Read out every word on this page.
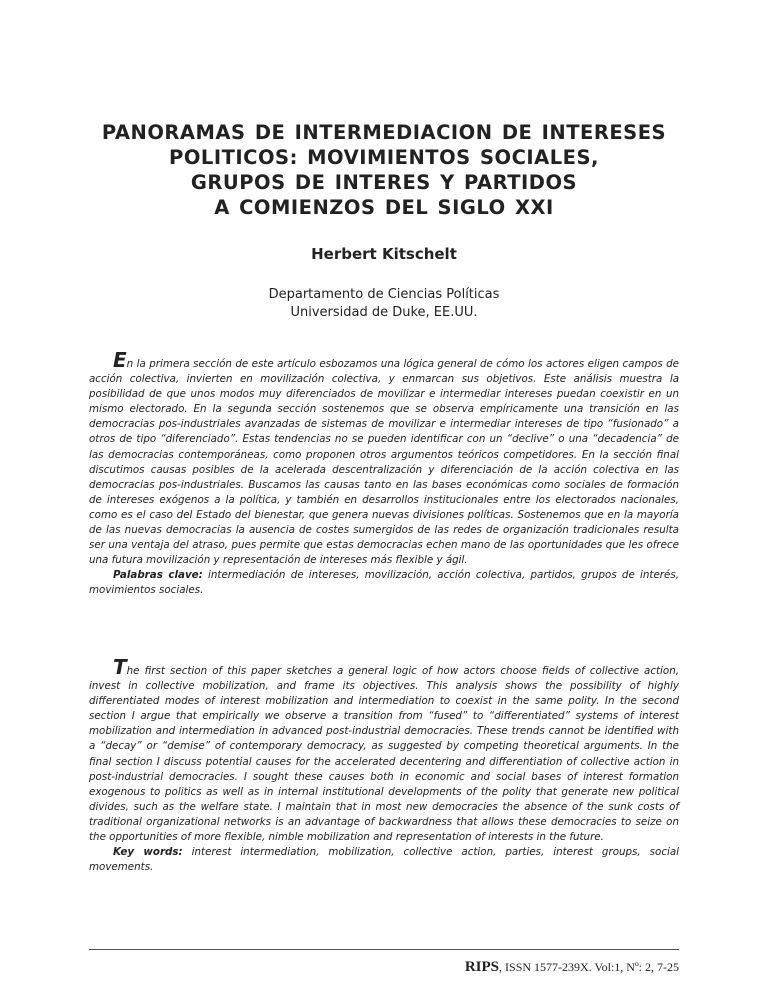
PANORAMAS DE INTERMEDIACION DE INTERESES
POLITICOS: MOVIMIENTOS SOCIALES,
GRUPOS DE INTERES Y PARTIDOS
A COMIENZOS DEL SIGLO XXI
Herbert Kitschelt
Departamento de Ciencias Políticas
Universidad de Duke, EE.UU.

En la primera sección de este artículo esbozamos una lógica general de cómo los actores eligen campos de acción colectiva, invierten en movilización colectiva, y enmarcan sus objetivos. Este análisis muestra la posibilidad de que unos modos muy diferenciados de movilizar e intermediar intereses puedan coexistir en un mismo electorado. En la segunda sección sostenemos que se observa empíricamente una transición en las democracias pos-industriales avanzadas de sistemas de movilizar e intermediar intereses de tipo “fusionado” a otros de tipo “diferenciado”. Estas tendencias no se pueden identificar con un “declive” o una “decadencia” de las democracias contemporáneas, como proponen otros argumentos teóricos competidores. En la sección final discutimos causas posibles de la acelerada descentralización y diferenciación de la acción colectiva en las democracias pos-industriales. Buscamos las causas tanto en las bases económicas como sociales de formación de intereses exógenos a la política, y también en desarrollos institucionales entre los electorados nacionales, como es el caso del Estado del bienestar, que genera nuevas divisiones políticas. Sostenemos que en la mayoría de las nuevas democracias la ausencia de costes sumergidos de las redes de organización tradicionales resulta ser una ventaja del atraso, pues permite que estas democracias echen mano de las oportunidades que les ofrece una futura movilización y representación de intereses más flexible y ágil.

Palabras clave: intermediación de intereses, movilización, acción colectiva, partidos, grupos de interés, movimientos sociales.

The first section of this paper sketches a general logic of how actors choose fields of collective action, invest in collective mobilization, and frame its objectives. This analysis shows the possibility of highly differentiated modes of interest mobilization and intermediation to coexist in the same polity. In the second section I argue that empirically we observe a transition from “fused” to “differentiated” systems of interest mobilization and intermediation in advanced post-industrial democracies. These trends cannot be identified with a “decay” or “demise” of contemporary democracy, as suggested by competing theoretical arguments. In the final section I discuss potential causes for the accelerated decentering and differentiation of collective action in post-industrial democracies. I sought these causes both in economic and social bases of interest formation exogenous to politics as well as in internal institutional developments of the polity that generate new political divides, such as the welfare state. I maintain that in most new democracies the absence of the sunk costs of traditional organizational networks is an advantage of backwardness that allows these democracies to seize on the opportunities of more flexible, nimble mobilization and representation of interests in the future.

Key words: interest intermediation, mobilization, collective action, parties, interest groups, social movements.

RIPS, ISSN 1577-239X. Vol:1, Nº: 2, 7-25
